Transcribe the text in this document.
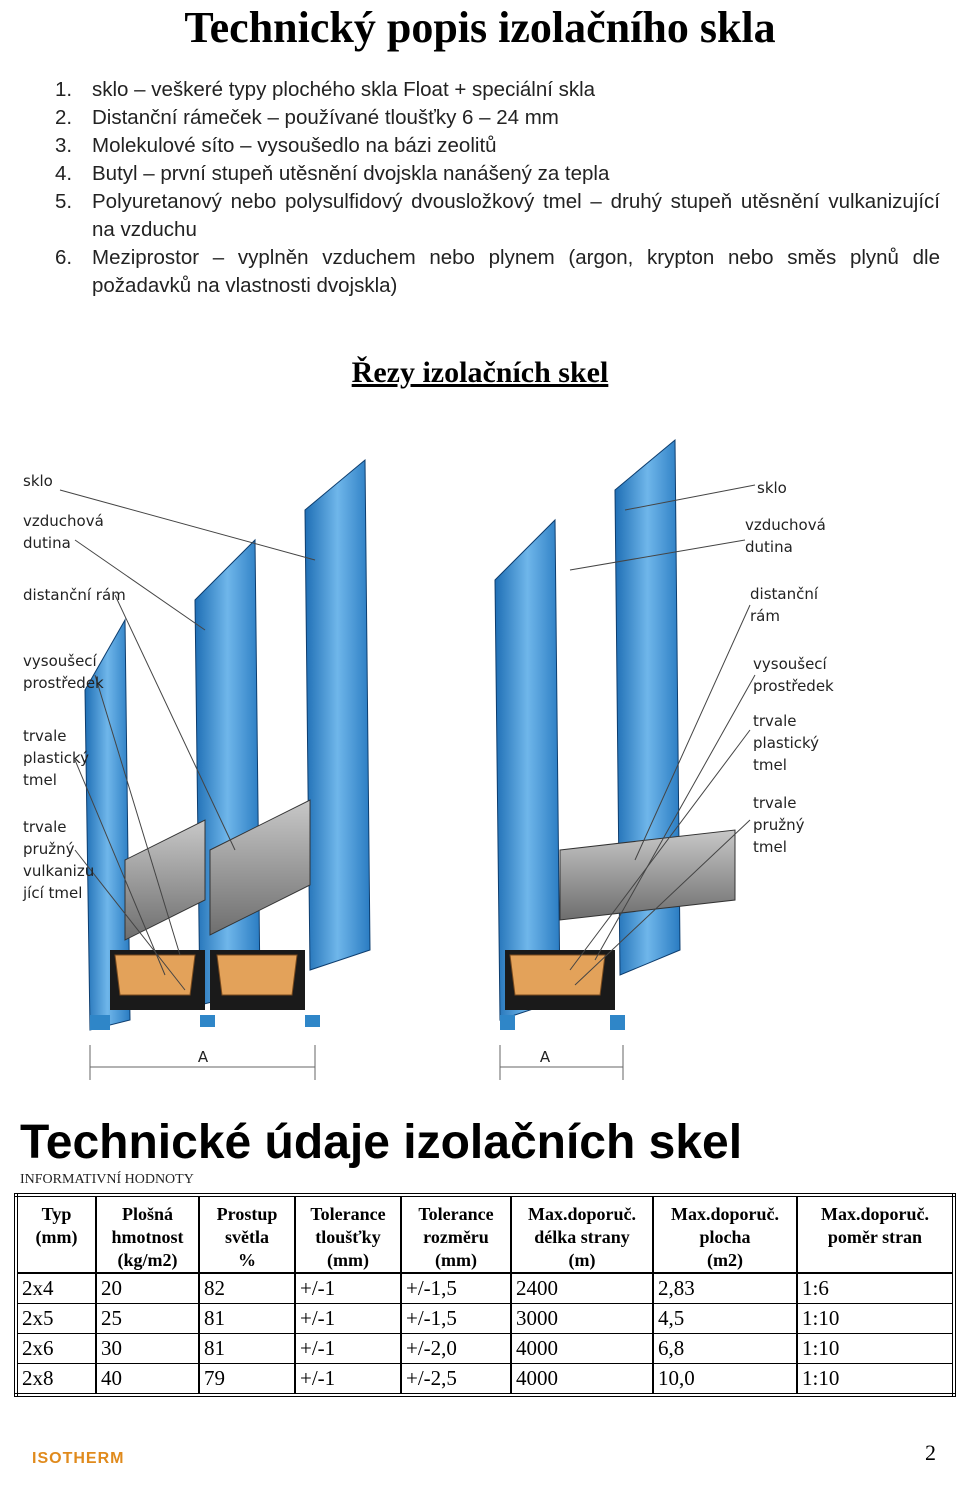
Technický popis izolačního skla
1. sklo – veškeré typy plochého skla Float + speciální skla
2. Distanční rámeček – používané tloušťky 6 – 24 mm
3. Molekulové síto – vysoušedlo na bázi zeolitů
4. Butyl – první stupeň utěsnění dvojskla nanášený za tepla
5. Polyuretanový nebo polysulfidový dvousložkový tmel – druhý stupeň utěsnění vulkanizující na vzduchu
6. Meziprostor – vyplněn vzduchem nebo plynem (argon, krypton nebo směs plynů dle požadavků na vlastnosti dvojskla)
Řezy izolačních skel
sklo
vzduchová
dutina
distanční rám
vysoušecí
prostředek
trvale
plastický
tmel
trvale
pružný
vulkanizu
jící tmel
sklo
vzduchová
dutina
distanční
rám
vysoušecí
prostředek
trvale
plastický
tmel
trvale
pružný
tmel
A	A
Technické údaje izolačních skel
INFORMATIVNÍ HODNOTY
Typ
(mm)	Plošná
hmotnost
(kg/m2)	Prostup
světla
%	Tolerance
tloušťky
(mm)	Tolerance
rozměru
(mm)	Max.doporuč.
délka strany
(m)	Max.doporuč.
plocha
(m2)	Max.doporuč.
poměr stran
2x4	20	82	+/-1	+/-1,5	2400	2,83	1:6
2x5	25	81	+/-1	+/-1,5	3000	4,5	1:10
2x6	30	81	+/-1	+/-2,0	4000	6,8	1:10
2x8	40	79	+/-1	+/-2,5	4000	10,0	1:10
ISOTHERM	2
